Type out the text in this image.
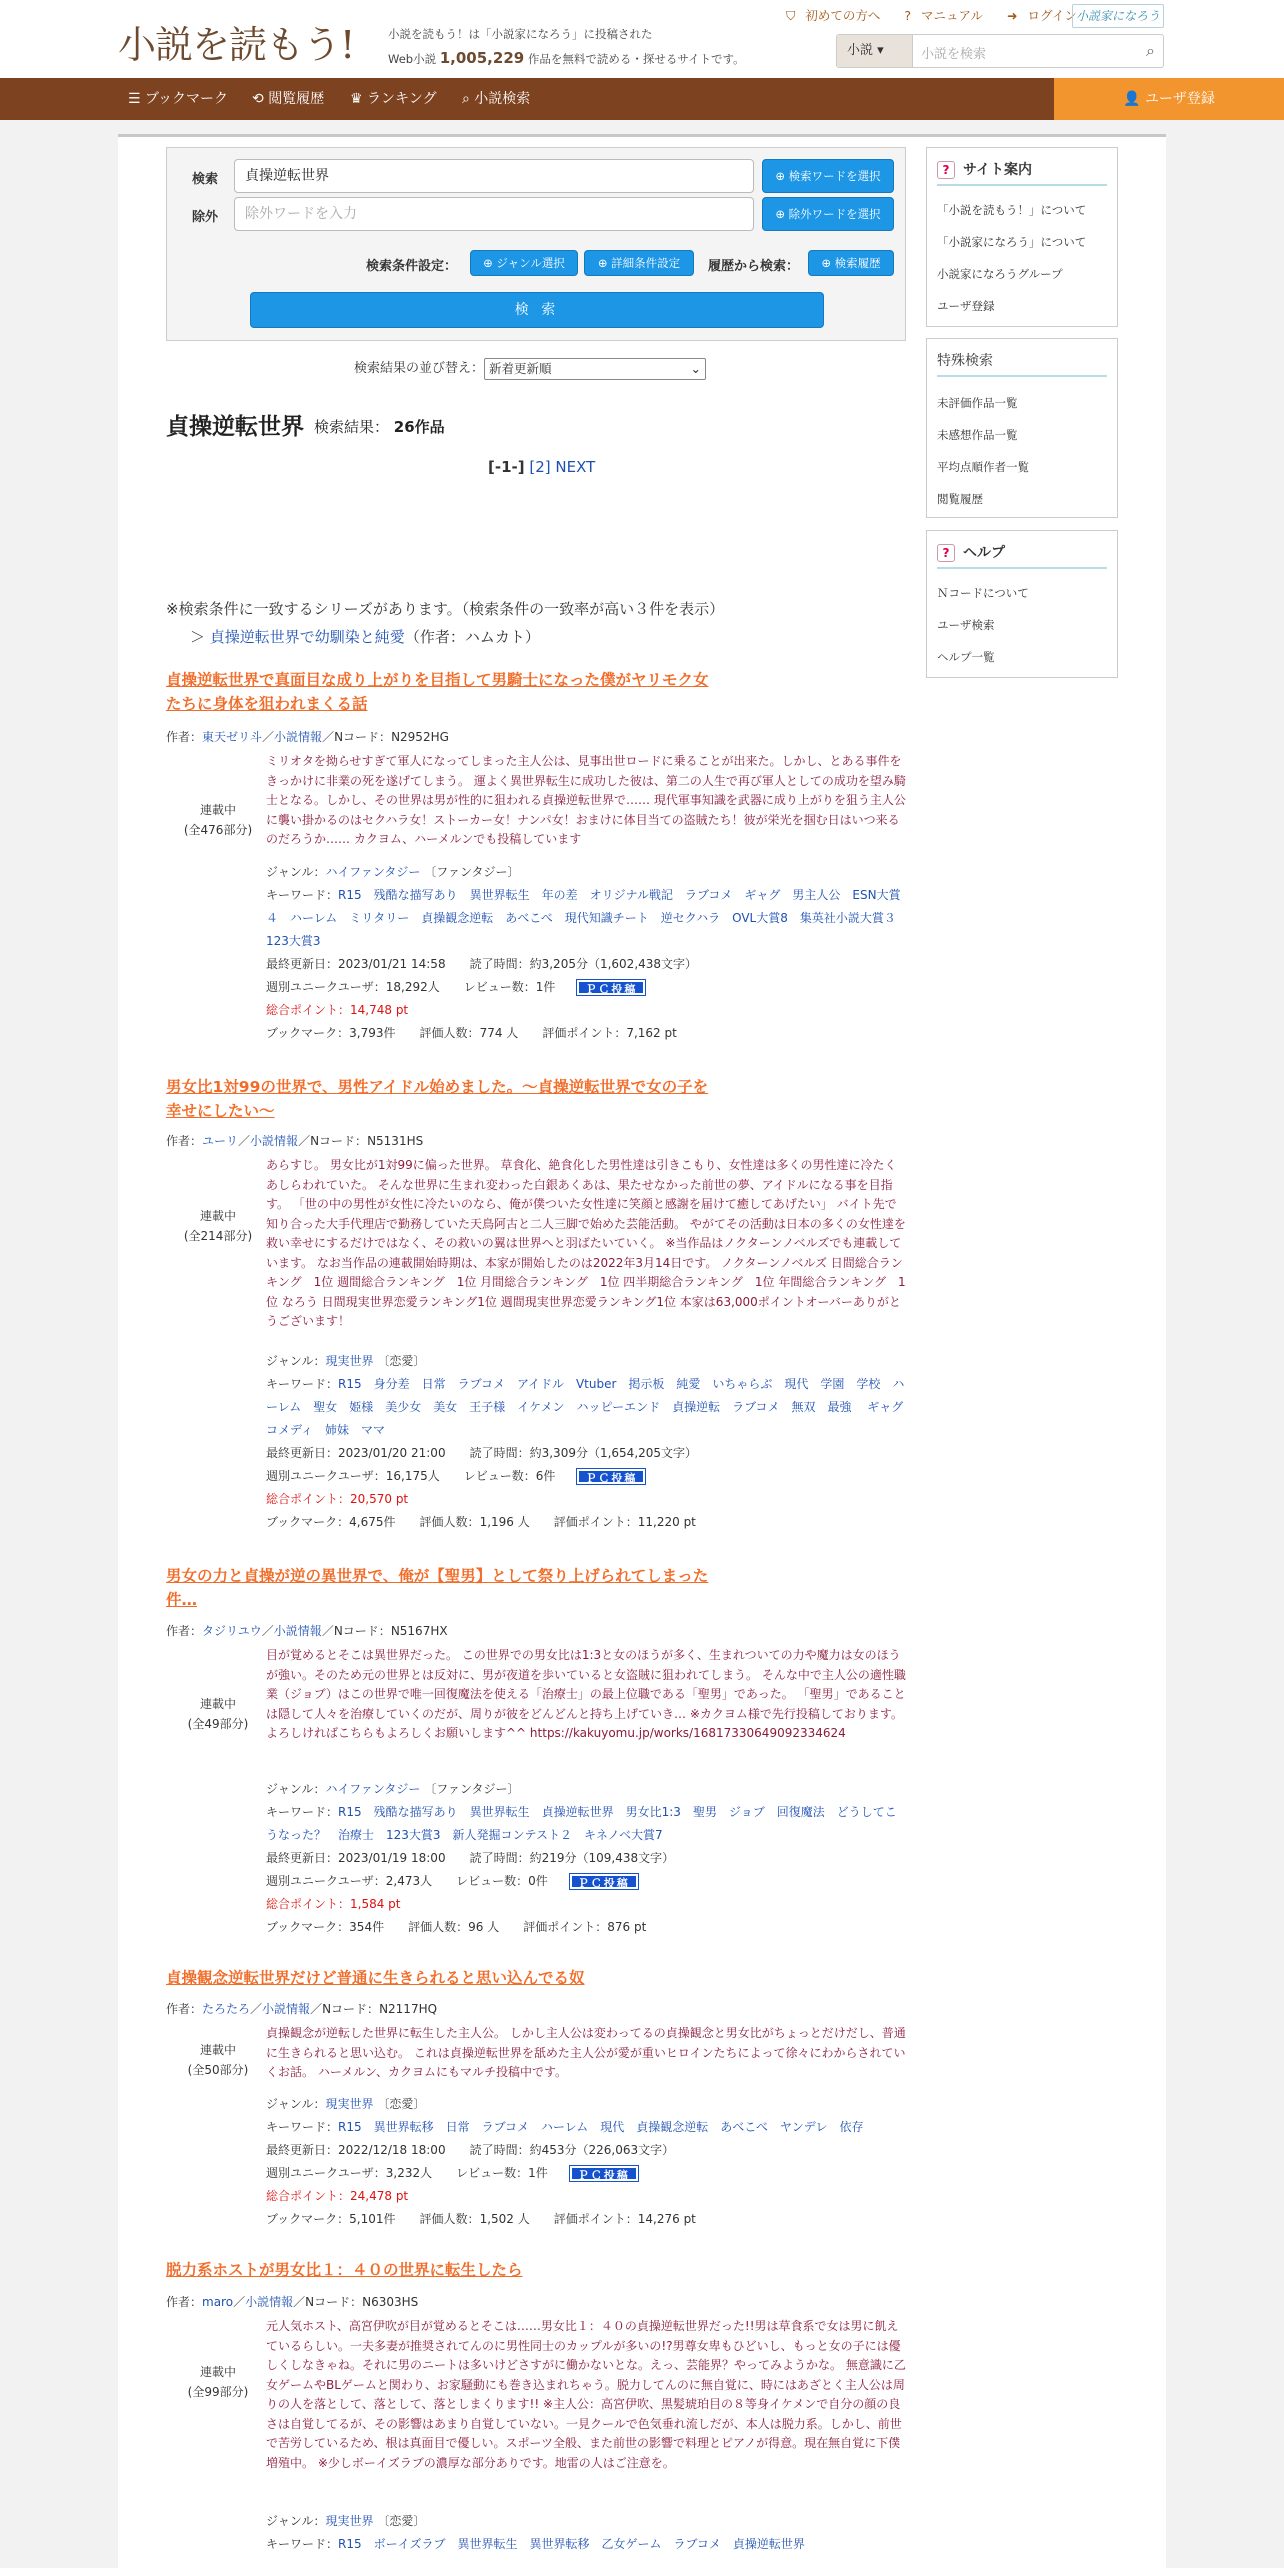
小説を読もう!	小説を読もう！は「小説家になろう」に投稿された
Web小説 1,005,229 作品を無料で読める・探せるサイトです。
⛉ 初めての方へ ? マニュアル ➜ ログイン 小説家になろう
小説 ▾	小説を検索	⌕
☰ ブックマーク ⟲ 閲覧履歴 ♛ ランキング ⌕ 小説検索	👤 ユーザ登録
検索	貞操逆転世界	⊕ 検索ワードを選択
除外	除外ワードを入力	⊕ 除外ワードを選択
検索条件設定：	⊕ ジャンル選択	⊕ 詳細条件設定	履歴から検索：	⊕ 検索履歴
検 索
検索結果の並び替え： 新着更新順	⌄
貞操逆転世界 検索結果： 26作品
[-1-] [2] NEXT
※検索条件に一致するシリーズがあります。（検索条件の一致率が高い３件を表示）
＞ 貞操逆転世界で幼馴染と純愛（作者：ハムカト）
貞操逆転世界で真面目な成り上がりを目指して男騎士になった僕がヤリモク女
たちに身体を狙われまくる話
作者：東天ゼリ斗／小説情報／Nコード：N2952HG
連載中
(全476部分)
ミリオタを拗らせすぎて軍人になってしまった主人公は、見事出世ロードに乗ることが出来た。しかし、とある事件をきっかけに非業の死を遂げてしまう。 運よく異世界転生に成功した彼は、第二の人生で再び軍人としての成功を望み騎士となる。しかし、その世界は男が性的に狙われる貞操逆転世界で…… 現代軍事知識を武器に成り上がりを狙う主人公に襲い掛かるのはセクハラ女！ストーカー女！ナンパ女！おまけに体目当ての盗賊たち！彼が栄光を掴む日はいつ来るのだろうか…… カクヨム、ハーメルンでも投稿しています
ジャンル：ハイファンタジー 〔ファンタジー〕
キーワード：R15　残酷な描写あり　異世界転生　年の差　オリジナル戦記　ラブコメ　ギャグ　男主人公　ESN大賞４　ハーレム　ミリタリー　貞操観念逆転　あべこべ　現代知識チート　逆セクハラ　OVL大賞8　集英社小説大賞３　123大賞3
最終更新日：2023/01/21 14:58　　 読了時間：約3,205分（1,602,438文字）
週別ユニークユーザ：18,292人　　 レビュー数：1件	ＰＣ投稿
総合ポイント：14,748 pt
ブックマーク：3,793件　　 評価人数：774 人　　 評価ポイント：7,162 pt
男女比1対99の世界で、男性アイドル始めました。〜貞操逆転世界で女の子を
幸せにしたい〜
作者：ユーリ／小説情報／Nコード：N5131HS
連載中
(全214部分)
あらすじ。 男女比が1対99に偏った世界。 草食化、絶食化した男性達は引きこもり、女性達は多くの男性達に冷たくあしらわれていた。 そんな世界に生まれ変わった白銀あくあは、果たせなかった前世の夢、アイドルになる事を目指す。 「世の中の男性が女性に冷たいのなら、俺が僕ついた女性達に笑顔と感謝を届けて癒してあげたい」 バイト先で知り合った大手代理店で勤務していた天鳥阿古と二人三脚で始めた芸能活動。 やがてその活動は日本の多くの女性達を救い幸せにするだけではなく、その救いの翼は世界へと羽ばたいていく。 ※当作品はノクターンノベルズでも連載しています。 なお当作品の連載開始時期は、本家が開始したのは2022年3月14日です。 ノクターンノベルズ 日間総合ランキング　1位 週間総合ランキング　1位 月間総合ランキング　1位 四半期総合ランキング　1位 年間総合ランキング　1位 なろう 日間現実世界恋愛ランキング1位 週間現実世界恋愛ランキング1位 本家は63,000ポイントオーバーありがとうございます！
ジャンル：現実世界 〔恋愛〕
キーワード：R15　身分差　日常　ラブコメ　アイドル　Vtuber　掲示板　純愛　いちゃらぶ　現代　学園　学校　ハーレム　聖女　姫様　美少女　美女　王子様　イケメン　ハッピーエンド　貞操逆転　ラブコメ　無双　最強　 ギャグ　コメディ　姉妹　ママ
最終更新日：2023/01/20 21:00　　 読了時間：約3,309分（1,654,205文字）
週別ユニークユーザ：16,175人　　 レビュー数：6件	ＰＣ投稿
総合ポイント：20,570 pt
ブックマーク：4,675件　　 評価人数：1,196 人　　 評価ポイント：11,220 pt
男女の力と貞操が逆の異世界で、俺が【聖男】として祭り上げられてしまった
件…
作者：タジリユウ／小説情報／Nコード：N5167HX
連載中
(全49部分)
目が覚めるとそこは異世界だった。 この世界での男女比は1:3と女のほうが多く、生まれついての力や魔力は女のほうが強い。そのため元の世界とは反対に、男が夜道を歩いていると女盗賊に狙われてしまう。 そんな中で主人公の適性職業（ジョブ）はこの世界で唯一回復魔法を使える「治療士」の最上位職である「聖男」であった。 「聖男」であることは隠して人々を治療していくのだが、周りが彼をどんどんと持ち上げていき… ※カクヨム様で先行投稿しております。よろしければこちらもよろしくお願いします^^ https://kakuyomu.jp/works/16817330649092334624
ジャンル：ハイファンタジー 〔ファンタジー〕
キーワード：R15　残酷な描写あり　異世界転生　貞操逆転世界　男女比1:3　聖男　ジョブ　回復魔法　どうしてこうなった？　治療士　123大賞3　新人発掘コンテスト２　キネノベ大賞7
最終更新日：2023/01/19 18:00　　 読了時間：約219分（109,438文字）
週別ユニークユーザ：2,473人　　 レビュー数：0件	ＰＣ投稿
総合ポイント：1,584 pt
ブックマーク：354件　　 評価人数：96 人　　 評価ポイント：876 pt
貞操観念逆転世界だけど普通に生きられると思い込んでる奴
作者：たろたろ／小説情報／Nコード：N2117HQ
連載中
(全50部分)
貞操観念が逆転した世界に転生した主人公。 しかし主人公は変わってるの貞操観念と男女比がちょっとだけだし、普通に生きられると思い込む。 これは貞操逆転世界を舐めた主人公が愛が重いヒロインたちによって徐々にわからされていくお話。 ハーメルン、カクヨムにもマルチ投稿中です。
ジャンル：現実世界 〔恋愛〕
キーワード：R15　異世界転移　日常　ラブコメ　ハーレム　現代　貞操観念逆転　あべこべ　ヤンデレ　依存
最終更新日：2022/12/18 18:00　　 読了時間：約453分（226,063文字）
週別ユニークユーザ：3,232人　　 レビュー数：1件	ＰＣ投稿
総合ポイント：24,478 pt
ブックマーク：5,101件　　 評価人数：1,502 人　　 評価ポイント：14,276 pt
脱力系ホストが男女比１：４０の世界に転生したら
作者：maro／小説情報／Nコード：N6303HS
連載中
(全99部分)
元人気ホスト、高宮伊吹が目が覚めるとそこは……男女比１：４０の貞操逆転世界だった!!男は草食系で女は男に飢えているらしい。一夫多妻が推奨されてんのに男性同士のカップルが多いの!?男尊女卑もひどいし、もっと女の子には優しくしなきゃね。それに男のニートは多いけどさすがに働かないとな。えっ、芸能界？やってみようかな。 無意識に乙女ゲームやBLゲームと関わり、お家騒動にも巻き込まれちゃう。脱力してんのに無自覚に、時にはあざとく主人公は周りの人を落として、落として、落としまくります!! ※主人公：高宮伊吹、黒髪琥珀目の８等身イケメンで自分の顔の良さは自覚してるが、その影響はあまり自覚していない。一見クールで色気垂れ流しだが、本人は脱力系。しかし、前世で苦労しているため、根は真面目で優しい。スポーツ全般、また前世の影響で料理とピアノが得意。現在無自覚に下僕増殖中。 ※少しボーイズラブの濃厚な部分ありです。地雷の人はご注意を。
ジャンル：現実世界 〔恋愛〕
キーワード：R15　ボーイズラブ　異世界転生　異世界転移　乙女ゲーム　ラブコメ　貞操逆転世界
? サイト案内
「小説を読もう！」について
「小説家になろう」について
小説家になろうグループ
ユーザ登録
特殊検索
未評価作品一覧
未感想作品一覧
平均点順作者一覧
閲覧履歴
? ヘルプ
Ｎコードについて
ユーザ検索
ヘルプ一覧
